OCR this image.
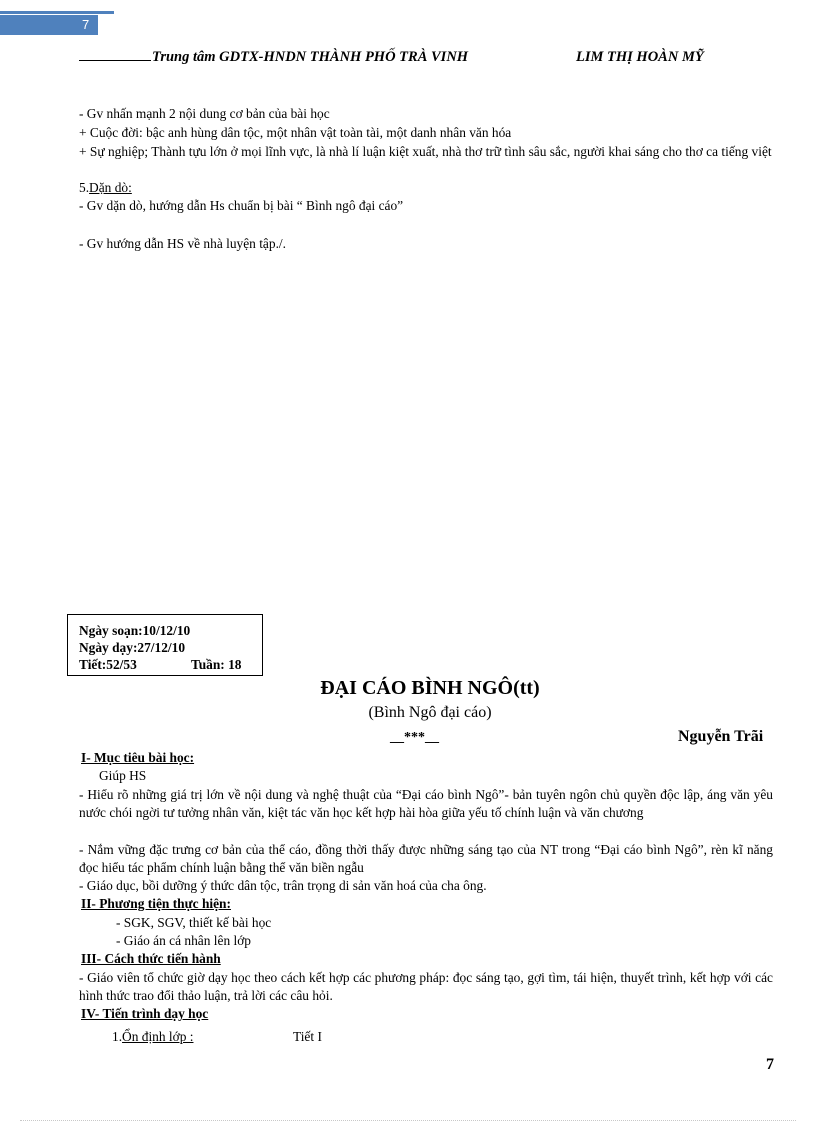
7
Trung tâm GDTX-HNDN THÀNH PHỐ TRÀ VINH	LIM THỊ HOÀN MỸ
- Gv nhấn mạnh 2 nội dung cơ bản của bài học
+ Cuộc đời: bậc anh hùng dân tộc, một nhân vật toàn tài, một danh nhân văn hóa
+ Sự nghiệp; Thành tựu lớn ở mọi lĩnh vực, là nhà lí luận kiệt xuất, nhà thơ trữ tình sâu sắc, người khai sáng cho thơ ca tiếng việt
5.Dặn dò:
- Gv dặn dò, hướng dẫn Hs chuẩn bị bài “ Bình ngô đại cáo”
- Gv hướng dẫn HS về nhà luyện tập./.
Ngày soạn:10/12/10
Ngày dạy:27/12/10
Tiết:52/53	Tuần: 18
ĐẠI CÁO BÌNH NGÔ(tt)
(Bình Ngô đại cáo)
__***__	Nguyễn Trãi
I- Mục tiêu bài học:
Giúp HS
- Hiểu rõ những giá trị lớn về nội dung và nghệ thuật của “Đại cáo bình Ngô”- bản tuyên ngôn chủ quyền độc lập, áng văn yêu nước chói ngời tư tưởng nhân văn, kiệt tác văn học kết hợp hài hòa giữa yếu tố chính luận và văn chương
- Nắm vững đặc trưng cơ bản của thể cáo, đồng thời thấy được những sáng tạo của NT trong “Đại cáo bình Ngô”, rèn kĩ năng đọc hiểu tác phẩm chính luận bằng thể văn biền ngẫu
- Giáo dục, bồi dưỡng ý thức dân tộc, trân trọng di sản văn hoá của cha ông.
II- Phương tiện thực hiện:
- SGK, SGV, thiết kế bài học
- Giáo án cá nhân lên lớp
III- Cách thức tiến hành
- Giáo viên tổ chức giờ dạy học theo cách kết hợp các phương pháp: đọc sáng tạo, gợi tìm, tái hiện, thuyết trình, kết hợp với các hình thức trao đổi thảo luận, trả lời các câu hỏi.
IV- Tiến trình dạy học
1.Ổn định lớp :	Tiết I
7
